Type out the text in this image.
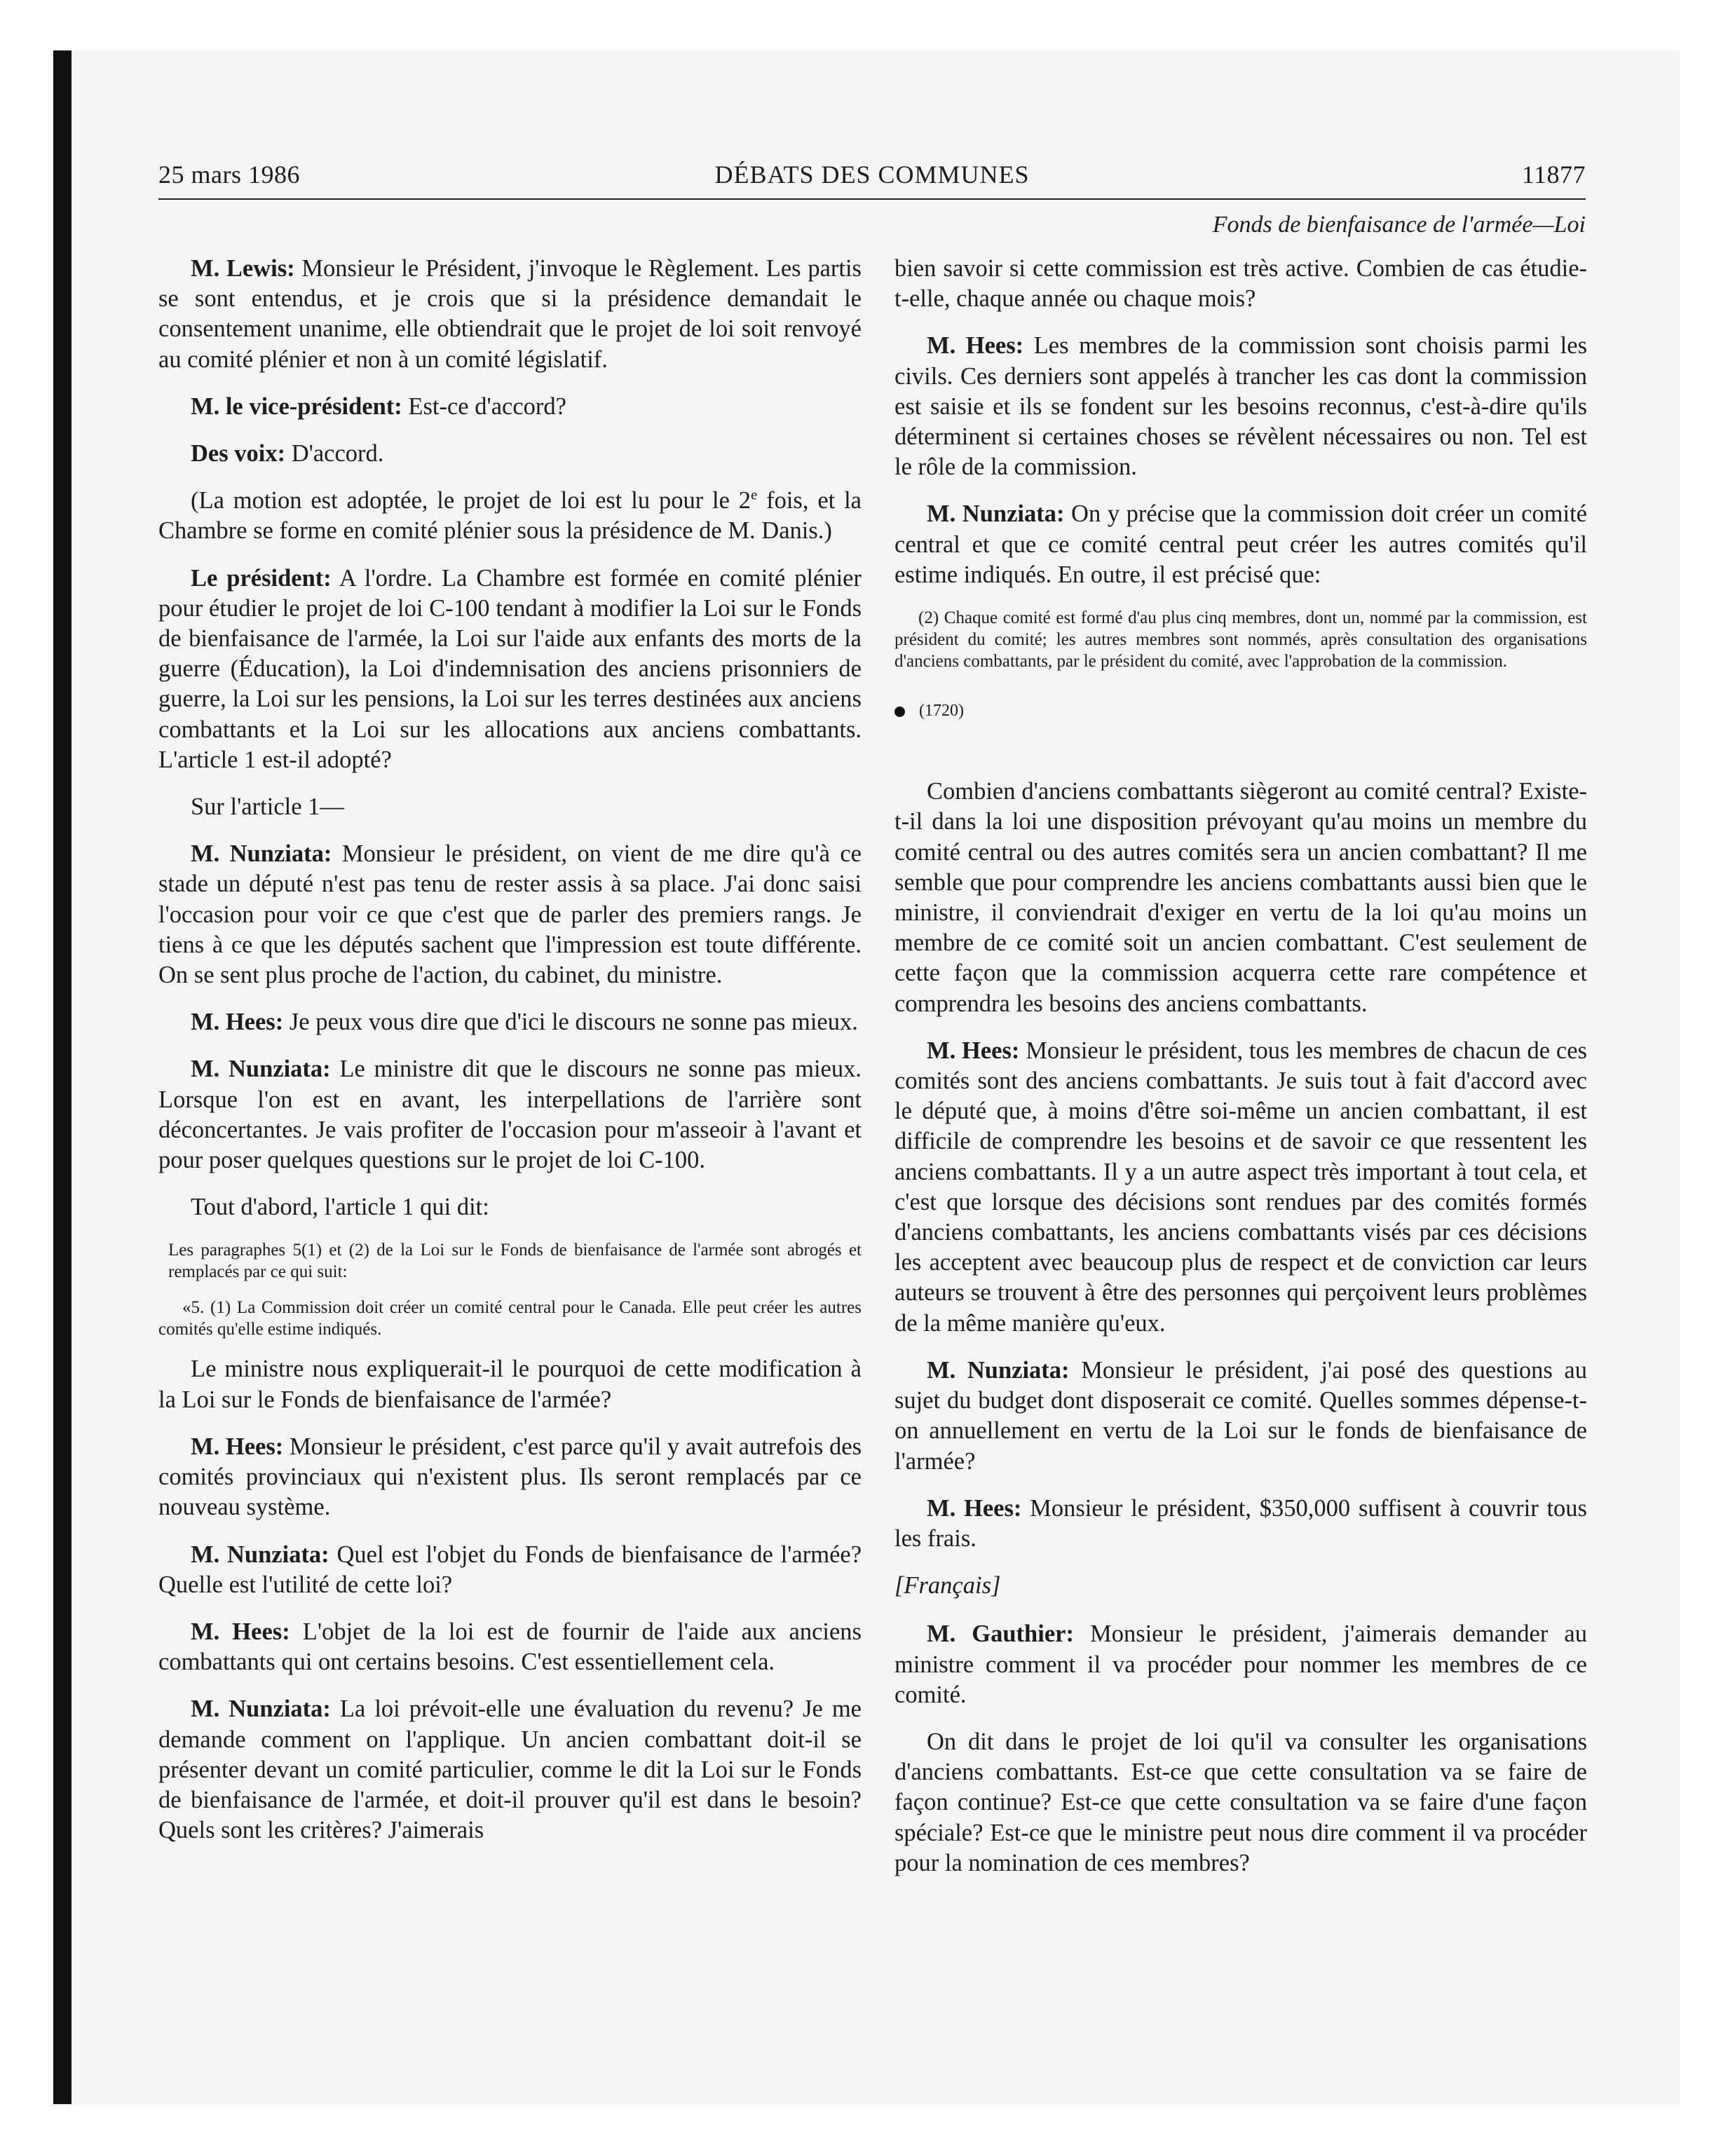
25 mars 1986	DÉBATS DES COMMUNES	11877
Fonds de bienfaisance de l'armée—Loi

M. Lewis: Monsieur le Président, j'invoque le Règlement. Les partis se sont entendus, et je crois que si la présidence demandait le consentement unanime, elle obtiendrait que le projet de loi soit renvoyé au comité plénier et non à un comité législatif.

M. le vice-président: Est-ce d'accord?

Des voix: D'accord.

(La motion est adoptée, le projet de loi est lu pour le 2e fois, et la Chambre se forme en comité plénier sous la présidence de M. Danis.)

Le président: A l'ordre. La Chambre est formée en comité plénier pour étudier le projet de loi C-100 tendant à modifier la Loi sur le Fonds de bienfaisance de l'armée, la Loi sur l'aide aux enfants des morts de la guerre (Éducation), la Loi d'indemnisation des anciens prisonniers de guerre, la Loi sur les pensions, la Loi sur les terres destinées aux anciens combattants et la Loi sur les allocations aux anciens combattants. L'article 1 est-il adopté?

Sur l'article 1—

M. Nunziata: Monsieur le président, on vient de me dire qu'à ce stade un député n'est pas tenu de rester assis à sa place. J'ai donc saisi l'occasion pour voir ce que c'est que de parler des premiers rangs. Je tiens à ce que les députés sachent que l'impression est toute différente. On se sent plus proche de l'action, du cabinet, du ministre.

M. Hees: Je peux vous dire que d'ici le discours ne sonne pas mieux.

M. Nunziata: Le ministre dit que le discours ne sonne pas mieux. Lorsque l'on est en avant, les interpellations de l'arrière sont déconcertantes. Je vais profiter de l'occasion pour m'asseoir à l'avant et pour poser quelques questions sur le projet de loi C-100.

Tout d'abord, l'article 1 qui dit:

Les paragraphes 5(1) et (2) de la Loi sur le Fonds de bienfaisance de l'armée sont abrogés et remplacés par ce qui suit:

«5. (1) La Commission doit créer un comité central pour le Canada. Elle peut créer les autres comités qu'elle estime indiqués.

Le ministre nous expliquerait-il le pourquoi de cette modification à la Loi sur le Fonds de bienfaisance de l'armée?

M. Hees: Monsieur le président, c'est parce qu'il y avait autrefois des comités provinciaux qui n'existent plus. Ils seront remplacés par ce nouveau système.

M. Nunziata: Quel est l'objet du Fonds de bienfaisance de l'armée? Quelle est l'utilité de cette loi?

M. Hees: L'objet de la loi est de fournir de l'aide aux anciens combattants qui ont certains besoins. C'est essentiellement cela.

M. Nunziata: La loi prévoit-elle une évaluation du revenu? Je me demande comment on l'applique. Un ancien combattant doit-il se présenter devant un comité particulier, comme le dit la Loi sur le Fonds de bienfaisance de l'armée, et doit-il prouver qu'il est dans le besoin? Quels sont les critères? J'aimerais

bien savoir si cette commission est très active. Combien de cas étudie-t-elle, chaque année ou chaque mois?

M. Hees: Les membres de la commission sont choisis parmi les civils. Ces derniers sont appelés à trancher les cas dont la commission est saisie et ils se fondent sur les besoins reconnus, c'est-à-dire qu'ils déterminent si certaines choses se révèlent nécessaires ou non. Tel est le rôle de la commission.

M. Nunziata: On y précise que la commission doit créer un comité central et que ce comité central peut créer les autres comités qu'il estime indiqués. En outre, il est précisé que:

(2) Chaque comité est formé d'au plus cinq membres, dont un, nommé par la commission, est président du comité; les autres membres sont nommés, après consultation des organisations d'anciens combattants, par le président du comité, avec l'approbation de la commission.

(1720)

Combien d'anciens combattants siègeront au comité central? Existe-t-il dans la loi une disposition prévoyant qu'au moins un membre du comité central ou des autres comités sera un ancien combattant? Il me semble que pour comprendre les anciens combattants aussi bien que le ministre, il conviendrait d'exiger en vertu de la loi qu'au moins un membre de ce comité soit un ancien combattant. C'est seulement de cette façon que la commission acquerra cette rare compétence et comprendra les besoins des anciens combattants.

M. Hees: Monsieur le président, tous les membres de chacun de ces comités sont des anciens combattants. Je suis tout à fait d'accord avec le député que, à moins d'être soi-même un ancien combattant, il est difficile de comprendre les besoins et de savoir ce que ressentent les anciens combattants. Il y a un autre aspect très important à tout cela, et c'est que lorsque des décisions sont rendues par des comités formés d'anciens combattants, les anciens combattants visés par ces décisions les acceptent avec beaucoup plus de respect et de conviction car leurs auteurs se trouvent à être des personnes qui perçoivent leurs problèmes de la même manière qu'eux.

M. Nunziata: Monsieur le président, j'ai posé des questions au sujet du budget dont disposerait ce comité. Quelles sommes dépense-t-on annuellement en vertu de la Loi sur le fonds de bienfaisance de l'armée?

M. Hees: Monsieur le président, $350,000 suffisent à couvrir tous les frais.

[Français]

M. Gauthier: Monsieur le président, j'aimerais demander au ministre comment il va procéder pour nommer les membres de ce comité.

On dit dans le projet de loi qu'il va consulter les organisations d'anciens combattants. Est-ce que cette consultation va se faire de façon continue? Est-ce que cette consultation va se faire d'une façon spéciale? Est-ce que le ministre peut nous dire comment il va procéder pour la nomination de ces membres?
